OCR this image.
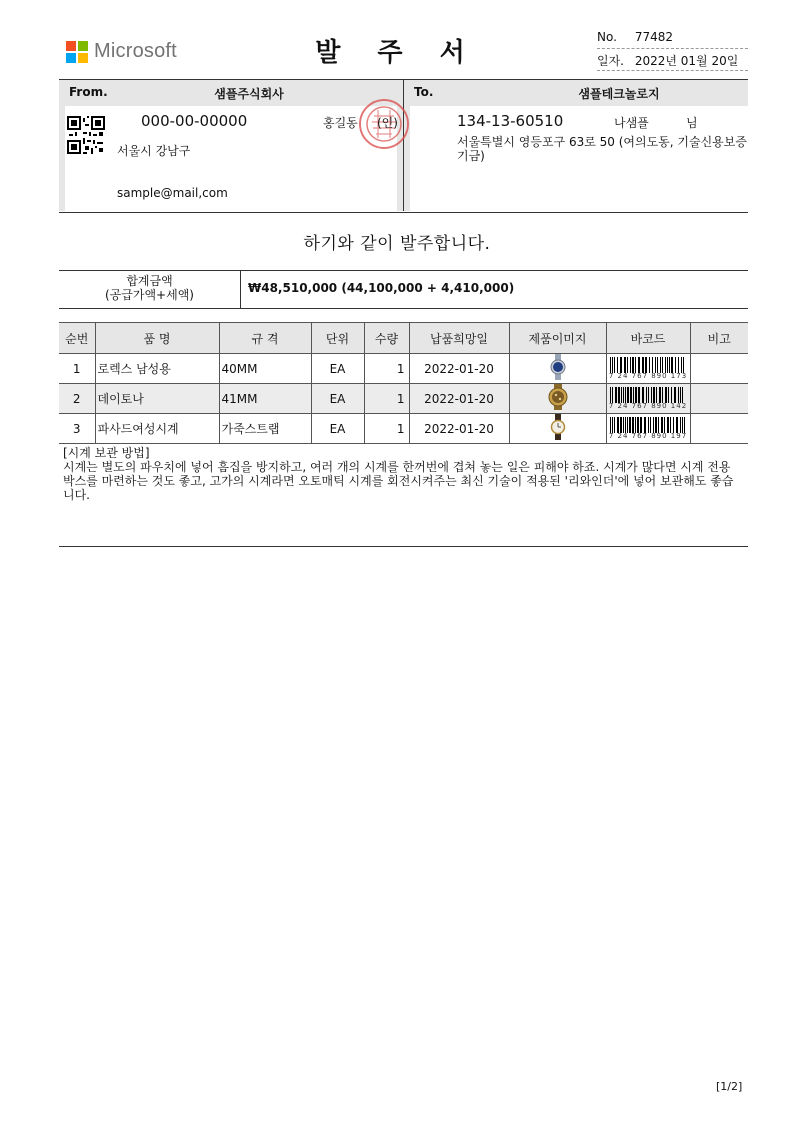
Microsoft	발 주 서
No. 77482
일자. 2022년 01월 20일
From.	샘플주식회사	To.	샘플테크놀로지
000-00-00000	홍길동 (인)
서울시 강남구
sample@mail,com
134-13-60510	나샘플	님
서울특별시 영등포구 63로 50 (여의도동, 기술신용보증기금)
하기와 같이 발주합니다.
합계금액
(공급가액+세액)	₩48,510,000 (44,100,000 + 4,410,000)
순번	품 명	규 격	단위	수량	납품희망일	제품이미지	바코드	비고
1	로렉스 남성용	40MM	EA	1	2022-01-20		7 24 767 890 173	

2	데이토나	41MM	EA	1	2022-01-20		7 24 767 890 142	

3	파사드여성시계	가죽스트랩	EA	1	2022-01-20		7 24 767 890 197	

[시계 보관 방법]
시계는 별도의 파우치에 넣어 흠집을 방지하고, 여러 개의 시계를 한꺼번에 겹쳐 놓는 일은 피해야 하죠. 시계가 많다면 시계 전용 박스를 마련하는 것도 좋고, 고가의 시계라면 오토매틱 시계를 회전시켜주는 최신 기술이 적용된 '리와인더'에 넣어 보관해도 좋습니다.
[1/2]
